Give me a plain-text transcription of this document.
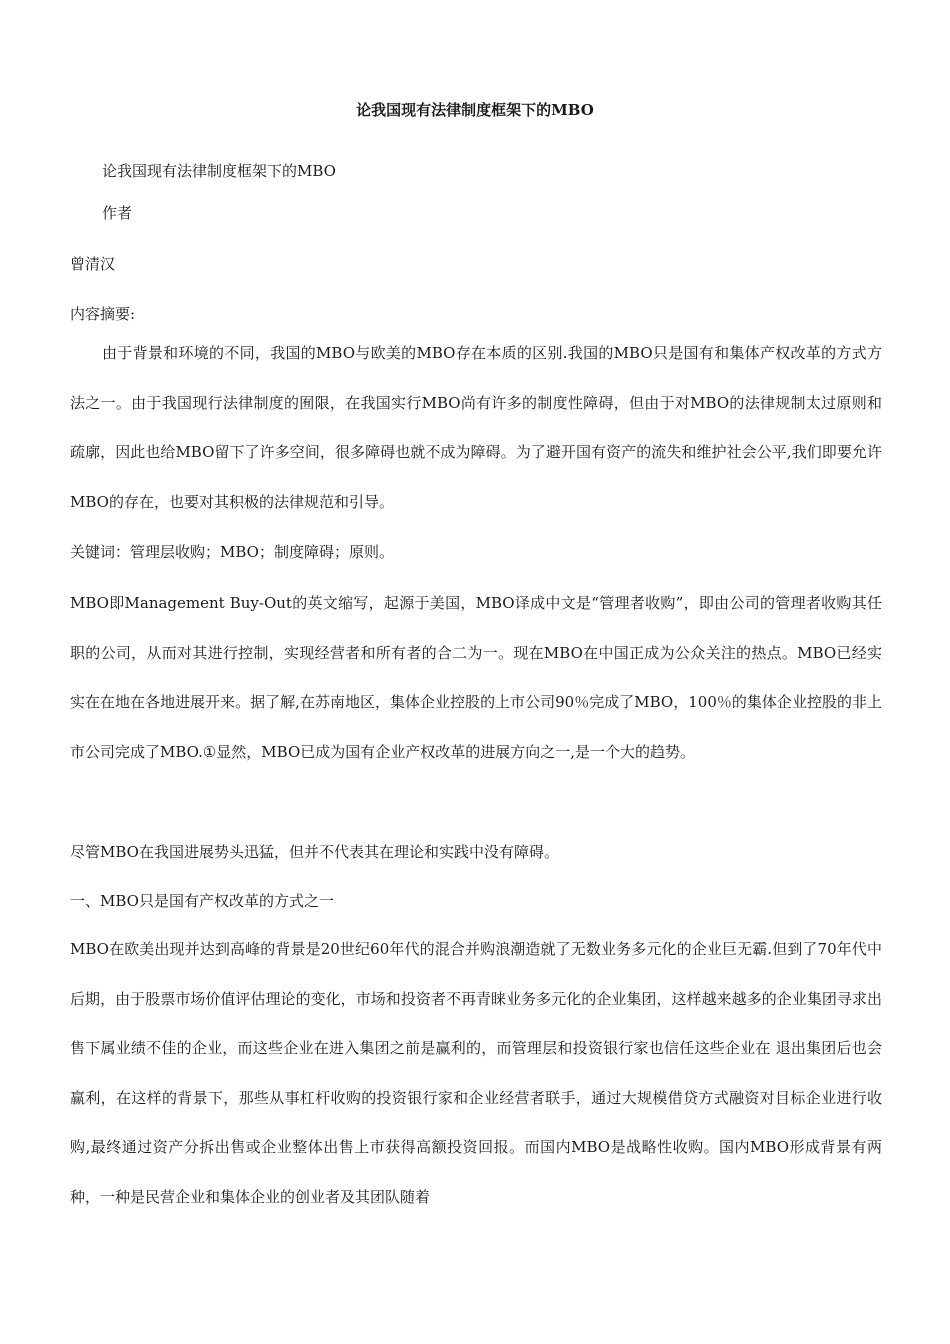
论我国现有法律制度框架下的MBO

论我国现有法律制度框架下的MBO

作者

曾清汉

内容摘要:

由于背景和环境的不同，我国的MBO与欧美的MBO存在本质的区别.我国的MBO只是国有和集体产权改革的方式方法之一。由于我国现行法律制度的囿限，在我国实行MBO尚有许多的制度性障碍，但由于对MBO的法律规制太过原则和疏廓，因此也给MBO留下了许多空间，很多障碍也就不成为障碍。为了避开国有资产的流失和维护社会公平,我们即要允许MBO的存在，也要对其积极的法律规范和引导。

关键词：管理层收购；MBO；制度障碍；原则。

MBO即Management Buy-Out的英文缩写，起源于美国，MBO译成中文是“管理者收购”，即由公司的管理者收购其任职的公司，从而对其进行控制，实现经营者和所有者的合二为一。现在MBO在中国正成为公众关注的热点。MBO已经实实在在地在各地进展开来。据了解,在苏南地区，集体企业控股的上市公司90％完成了MBO，100％的集体企业控股的非上市公司完成了MBO.①显然，MBO已成为国有企业产权改革的进展方向之一,是一个大的趋势。

尽管MBO在我国进展势头迅猛，但并不代表其在理论和实践中没有障碍。

一、MBO只是国有产权改革的方式之一

MBO在欧美出现并达到高峰的背景是20世纪60年代的混合并购浪潮造就了无数业务多元化的企业巨无霸.但到了70年代中后期，由于股票市场价值评估理论的变化，市场和投资者不再青睐业务多元化的企业集团，这样越来越多的企业集团寻求出售下属业绩不佳的企业，而这些企业在进入集团之前是赢利的，而管理层和投资银行家也信任这些企业在 退出集团后也会赢利，在这样的背景下，那些从事杠杆收购的投资银行家和企业经营者联手，通过大规模借贷方式融资对目标企业进行收购,最终通过资产分拆出售或企业整体出售上市获得高额投资回报。而国内MBO是战略性收购。国内MBO形成背景有两种，一种是民营企业和集体企业的创业者及其团队随着
